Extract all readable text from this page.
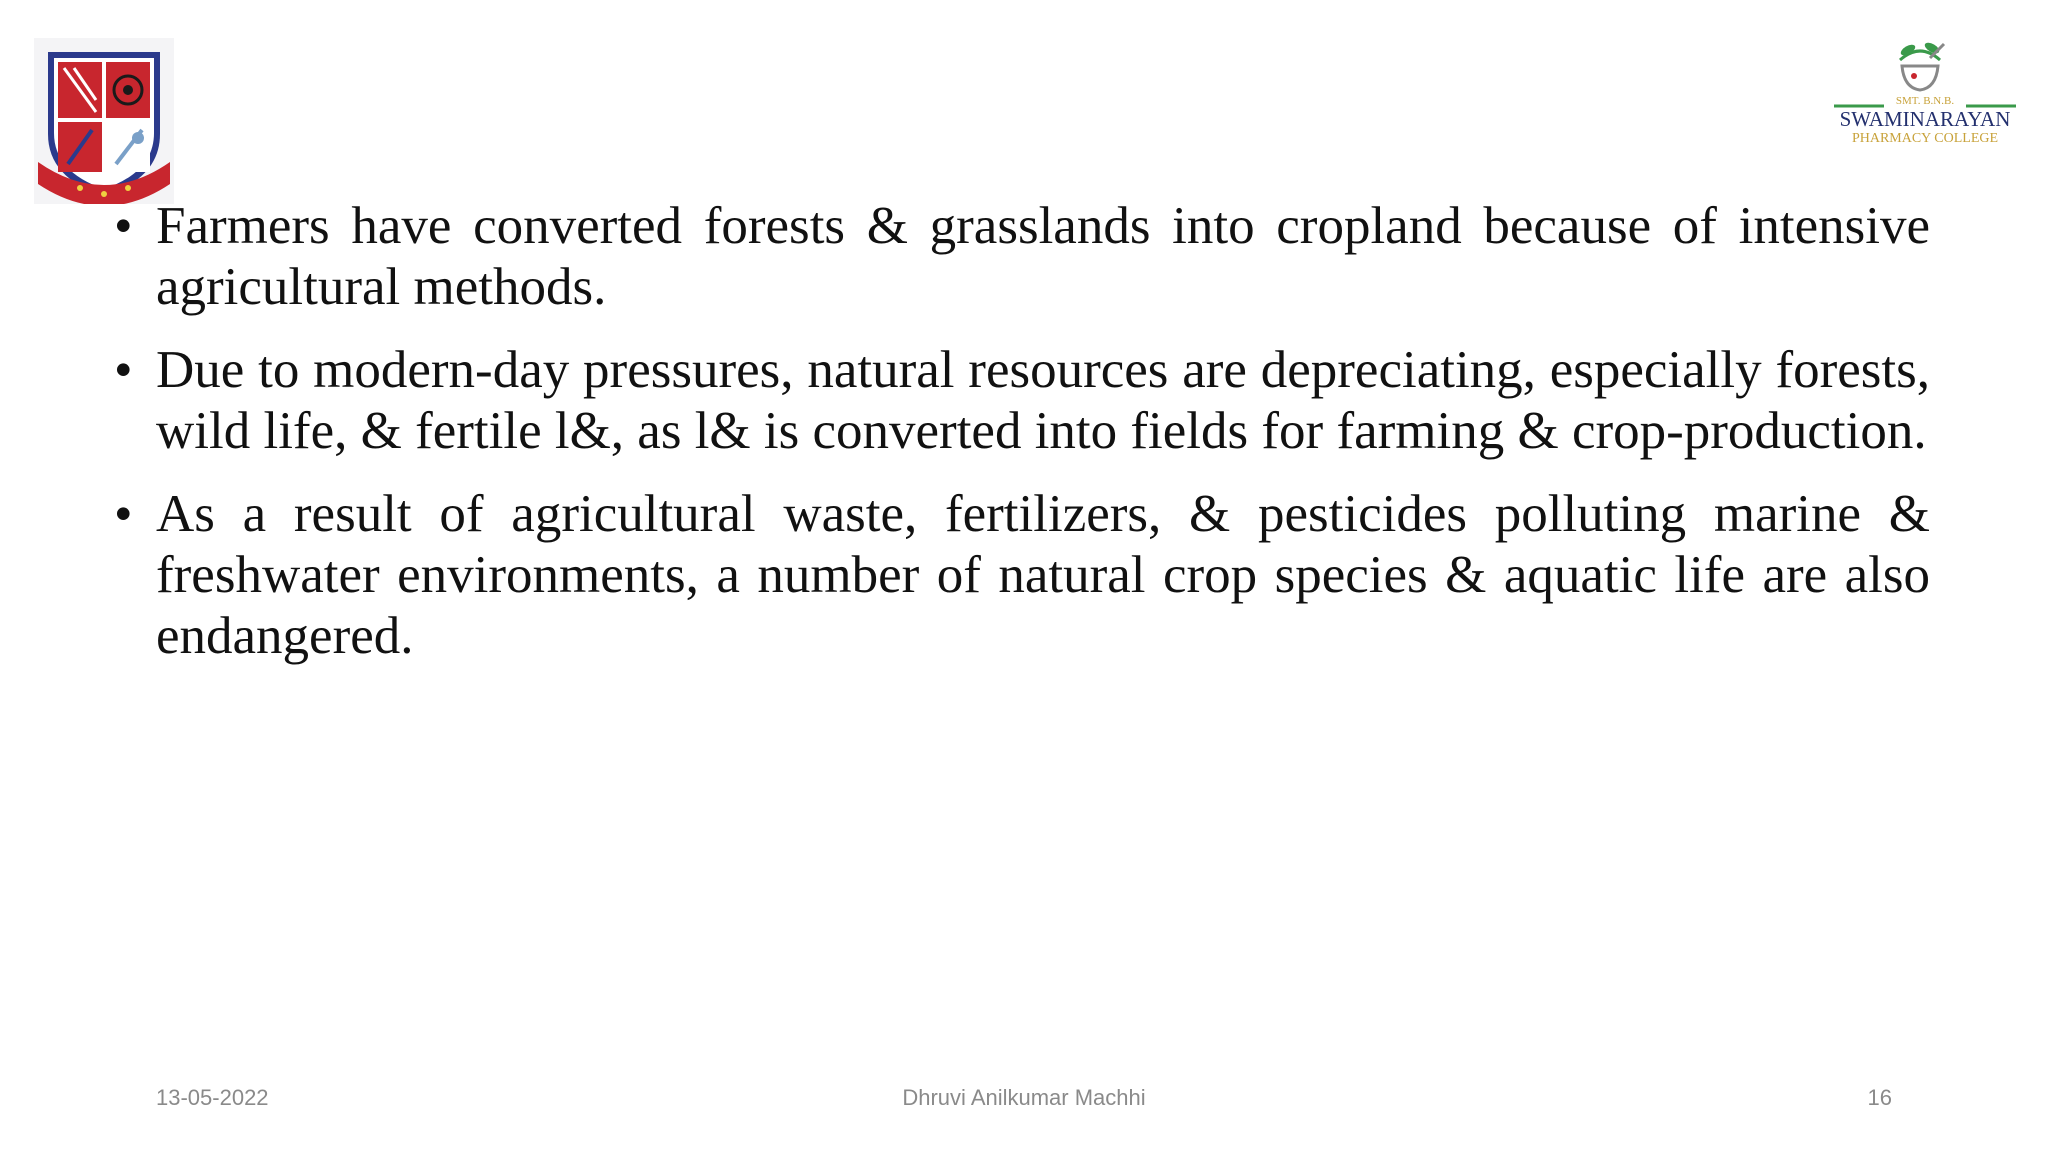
SMT. B.N.B.
SWAMINARAYAN
PHARMACY COLLEGE
• Farmers have converted forests & grasslands into cropland because of intensive agricultural methods.
• Due to modern-day pressures, natural resources are depreciating, especially forests, wild life, & fertile l&, as l& is converted into fields for farming & crop-production.
• As a result of agricultural waste, fertilizers, & pesticides polluting marine & freshwater environments, a number of natural crop species & aquatic life are also endangered.
13-05-2022	Dhruvi Anilkumar Machhi	16
